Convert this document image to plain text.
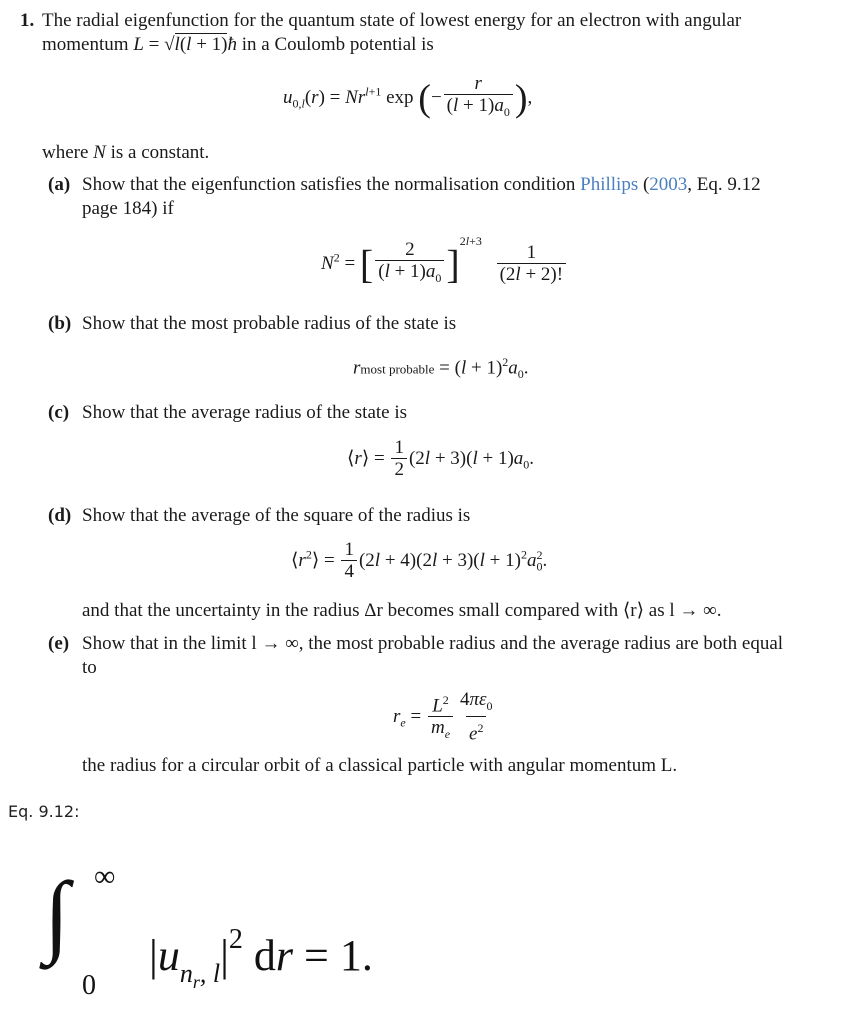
1. The radial eigenfunction for the quantum state of lowest energy for an electron with angular
momentum L = √l(l + 1)ħ in a Coulomb potential is
$u_{0,l}(r) = Nr^{l+1}$ exp (− $\frac{r}{(l + 1)a_0}$ ),
where N is a constant.
(a) Show that the eigenfunction satisfies the normalisation condition Phillips (2003, Eq. 9.12
page 184) if
$N^2$ = [ $\frac{2}{(l + 1)a_0} ]^{2l+3}$
$\frac{1}{(2l + 2)!}$
(b) Show that the most probable radius of the state is
rmost probable = $(l + 1)^2a_0$.
(c) Show that the average radius of the state is
⟨r⟩ = $\frac{1}{2} (2l + 3)(l + 1)a_0$.
(d) Show that the average of the square of the radius is
$⟨r^2⟩ = \frac{1}{4} (2l + 4)(2l + 3)(l + 1)^2a_0^2$.
and that the uncertainty in the radius Δr becomes small compared with ⟨r⟩ as l → ∞.
(e) Show that in the limit l → ∞, the most probable radius and the average radius are both equal
to
$r_e = \frac{L^2}{m_e} \frac{4\pi\varepsilon_0}{e^2}$
the radius for a circular orbit of a classical particle with angular momentum L.
Eq. 9.12:
∫ ∞
0
$|u_{n_r, l}|^2$ dr = 1.
